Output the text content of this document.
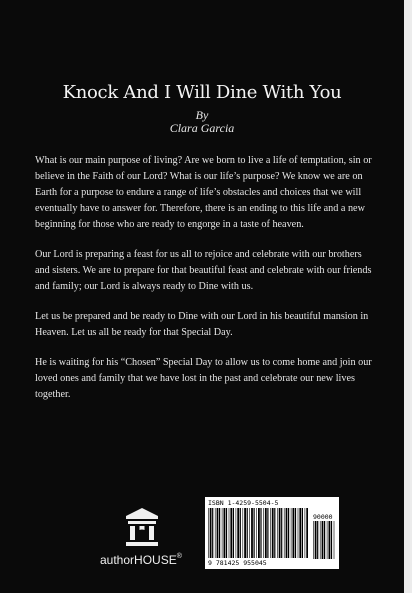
Knock And I Will Dine With You
By
Clara Garcia

What is our main purpose of living? Are we born to live a life of temptation, sin or believe in the Faith of our Lord? What is our life’s purpose? We know we are on Earth for a purpose to endure a range of life’s obstacles and choices that we will eventually have to answer for. Therefore, there is an ending to this life and a new beginning for those who are ready to engorge in a taste of heaven.

Our Lord is preparing a feast for us all to rejoice and celebrate with our brothers and sisters. We are to prepare for that beautiful feast and celebrate with our friends and family; our Lord is always ready to Dine with us.

Let us be prepared and be ready to Dine with our Lord in his beautiful mansion in Heaven. Let us all be ready for that Special Day.

He is waiting for his “Chosen” Special Day to allow us to come home and join our loved ones and family that we have lost in the past and celebrate our new lives together.

authorHOUSE®
ISBN 1-4259-5504-5
90000
9 781425 955045
